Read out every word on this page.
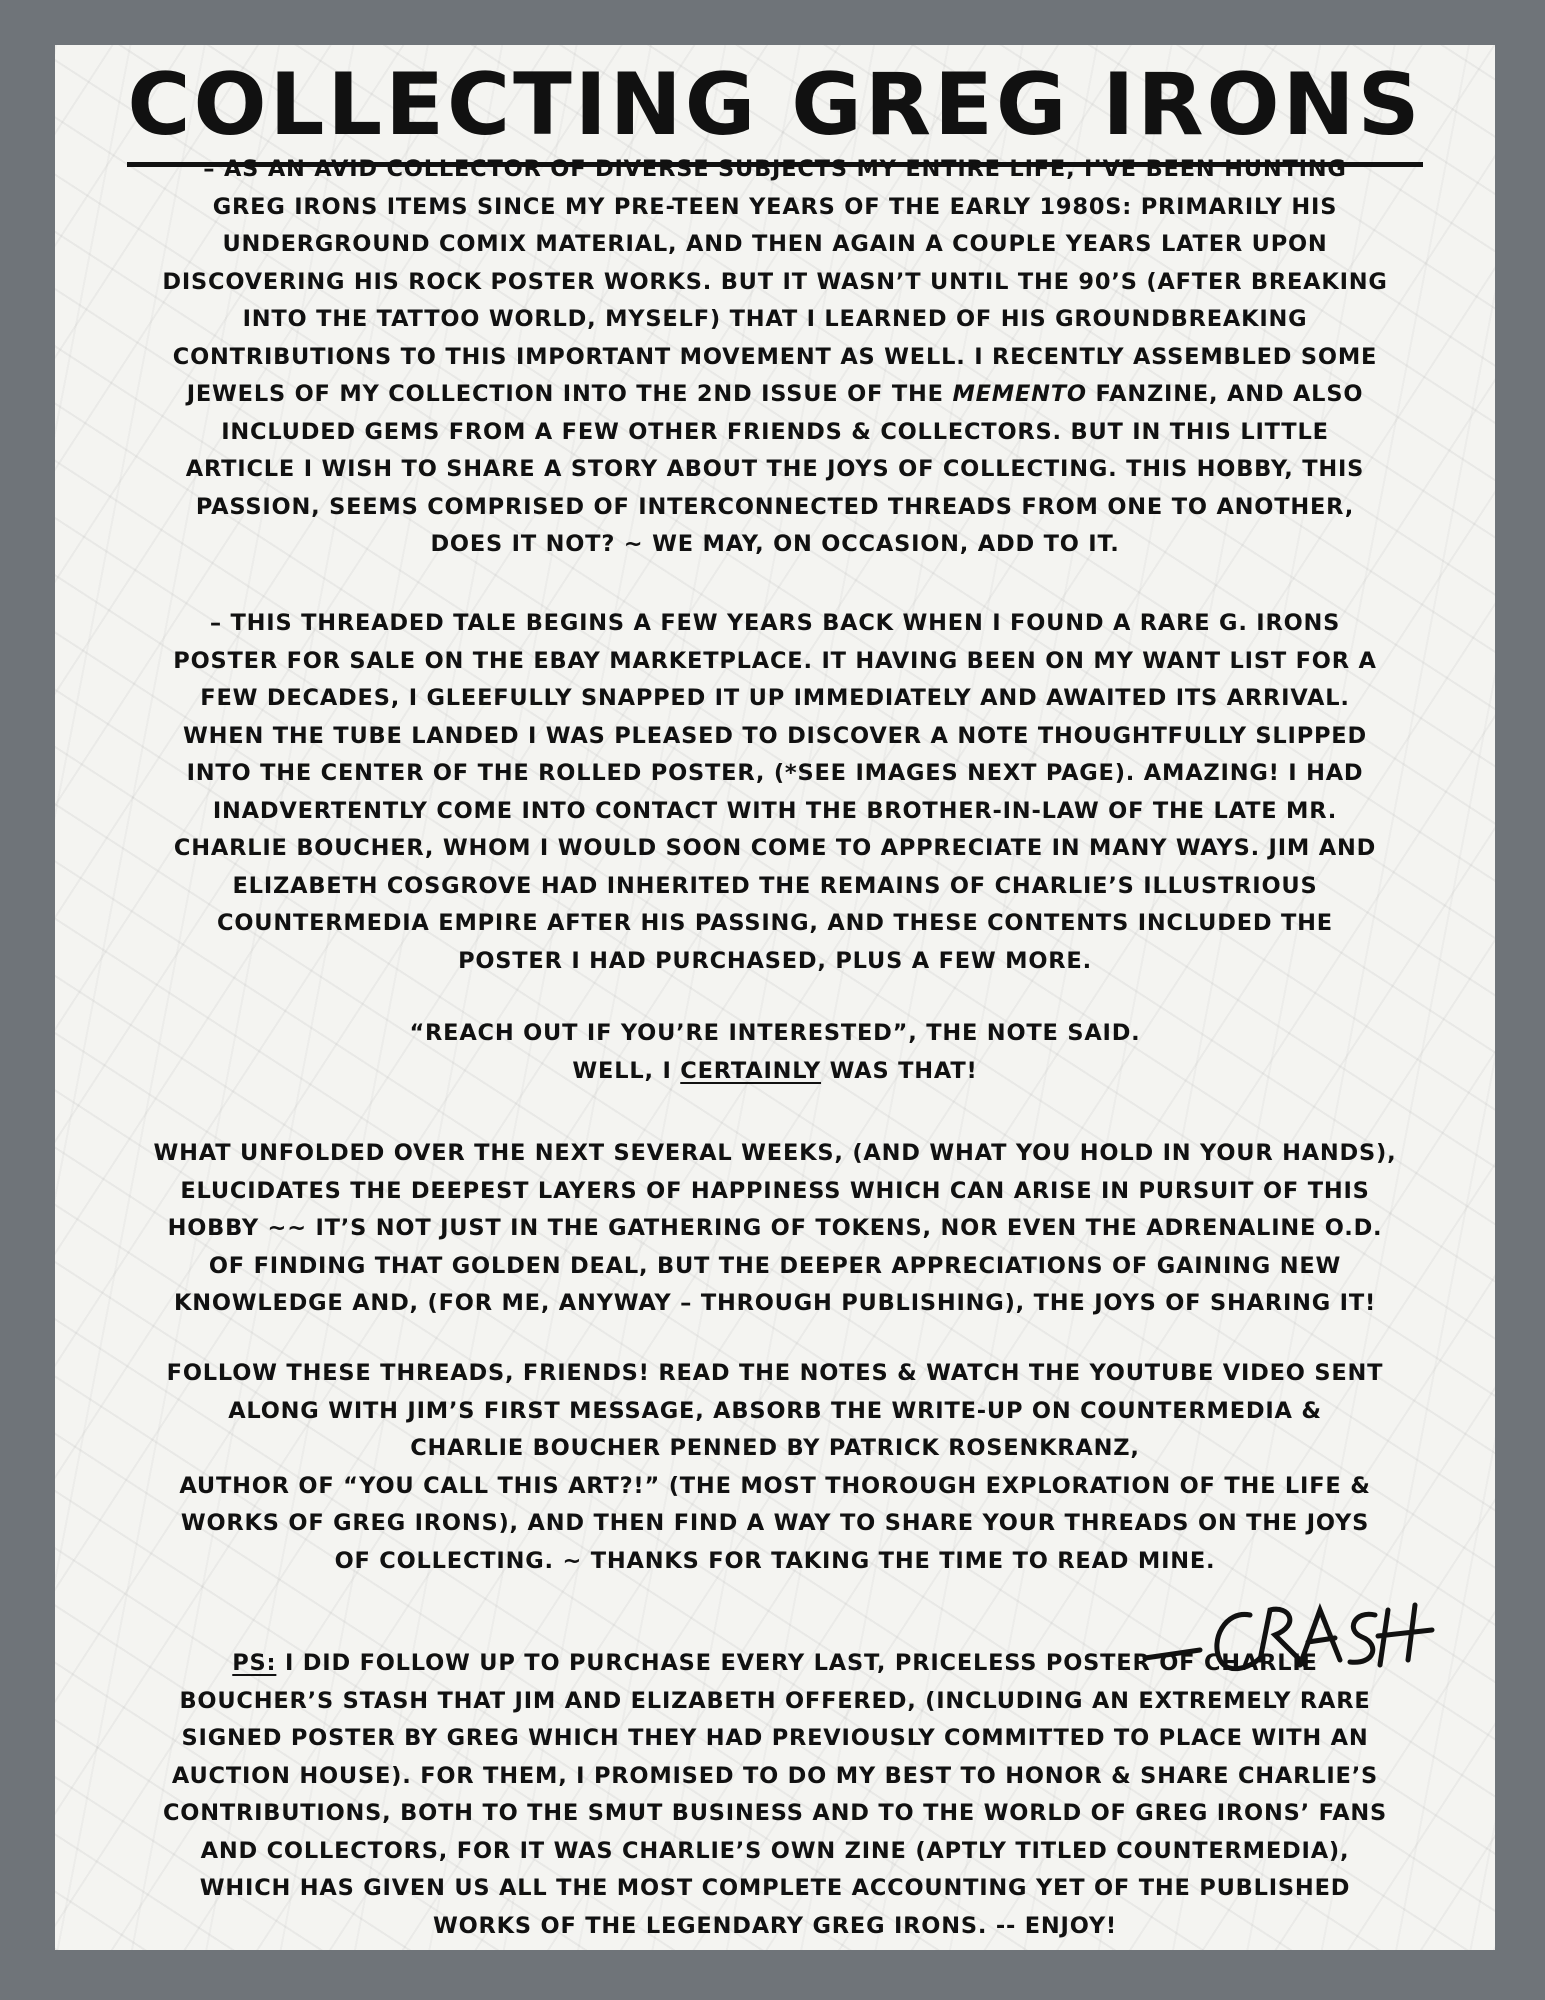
COLLECTING GREG IRONS
– AS AN AVID COLLECTOR OF DIVERSE SUBJECTS MY ENTIRE LIFE, I’VE BEEN HUNTING
GREG IRONS ITEMS SINCE MY PRE-TEEN YEARS OF THE EARLY 1980S: PRIMARILY HIS
UNDERGROUND COMIX MATERIAL, AND THEN AGAIN A COUPLE YEARS LATER UPON
DISCOVERING HIS ROCK POSTER WORKS. BUT IT WASN’T UNTIL THE 90’S (AFTER BREAKING
INTO THE TATTOO WORLD, MYSELF) THAT I LEARNED OF HIS GROUNDBREAKING
CONTRIBUTIONS TO THIS IMPORTANT MOVEMENT AS WELL. I RECENTLY ASSEMBLED SOME
JEWELS OF MY COLLECTION INTO THE 2ND ISSUE OF THE MEMENTO FANZINE, AND ALSO
INCLUDED GEMS FROM A FEW OTHER FRIENDS & COLLECTORS. BUT IN THIS LITTLE
ARTICLE I WISH TO SHARE A STORY ABOUT THE JOYS OF COLLECTING. THIS HOBBY, THIS
PASSION, SEEMS COMPRISED OF INTERCONNECTED THREADS FROM ONE TO ANOTHER,
DOES IT NOT? ~ WE MAY, ON OCCASION, ADD TO IT.
– THIS THREADED TALE BEGINS A FEW YEARS BACK WHEN I FOUND A RARE G. IRONS
POSTER FOR SALE ON THE EBAY MARKETPLACE. IT HAVING BEEN ON MY WANT LIST FOR A
FEW DECADES, I GLEEFULLY SNAPPED IT UP IMMEDIATELY AND AWAITED ITS ARRIVAL.
WHEN THE TUBE LANDED I WAS PLEASED TO DISCOVER A NOTE THOUGHTFULLY SLIPPED
INTO THE CENTER OF THE ROLLED POSTER, (*SEE IMAGES NEXT PAGE). AMAZING! I HAD
INADVERTENTLY COME INTO CONTACT WITH THE BROTHER-IN-LAW OF THE LATE MR.
CHARLIE BOUCHER, WHOM I WOULD SOON COME TO APPRECIATE IN MANY WAYS. JIM AND
ELIZABETH COSGROVE HAD INHERITED THE REMAINS OF CHARLIE’S ILLUSTRIOUS
COUNTERMEDIA EMPIRE AFTER HIS PASSING, AND THESE CONTENTS INCLUDED THE
POSTER I HAD PURCHASED, PLUS A FEW MORE.
“REACH OUT IF YOU’RE INTERESTED”, THE NOTE SAID.
WELL, I CERTAINLY WAS THAT!
WHAT UNFOLDED OVER THE NEXT SEVERAL WEEKS, (AND WHAT YOU HOLD IN YOUR HANDS),
ELUCIDATES THE DEEPEST LAYERS OF HAPPINESS WHICH CAN ARISE IN PURSUIT OF THIS
HOBBY ~~ IT’S NOT JUST IN THE GATHERING OF TOKENS, NOR EVEN THE ADRENALINE O.D.
OF FINDING THAT GOLDEN DEAL, BUT THE DEEPER APPRECIATIONS OF GAINING NEW
KNOWLEDGE AND, (FOR ME, ANYWAY – THROUGH PUBLISHING), THE JOYS OF SHARING IT!
FOLLOW THESE THREADS, FRIENDS! READ THE NOTES & WATCH THE YOUTUBE VIDEO SENT
ALONG WITH JIM’S FIRST MESSAGE, ABSORB THE WRITE-UP ON COUNTERMEDIA &
CHARLIE BOUCHER PENNED BY PATRICK ROSENKRANZ,
AUTHOR OF “YOU CALL THIS ART?!” (THE MOST THOROUGH EXPLORATION OF THE LIFE &
WORKS OF GREG IRONS), AND THEN FIND A WAY TO SHARE YOUR THREADS ON THE JOYS
OF COLLECTING. ~ THANKS FOR TAKING THE TIME TO READ MINE.
PS: I DID FOLLOW UP TO PURCHASE EVERY LAST, PRICELESS POSTER OF CHARLIE
BOUCHER’S STASH THAT JIM AND ELIZABETH OFFERED, (INCLUDING AN EXTREMELY RARE
SIGNED POSTER BY GREG WHICH THEY HAD PREVIOUSLY COMMITTED TO PLACE WITH AN
AUCTION HOUSE). FOR THEM, I PROMISED TO DO MY BEST TO HONOR & SHARE CHARLIE’S
CONTRIBUTIONS, BOTH TO THE SMUT BUSINESS AND TO THE WORLD OF GREG IRONS’ FANS
AND COLLECTORS, FOR IT WAS CHARLIE’S OWN ZINE (APTLY TITLED COUNTERMEDIA),
WHICH HAS GIVEN US ALL THE MOST COMPLETE ACCOUNTING YET OF THE PUBLISHED
WORKS OF THE LEGENDARY GREG IRONS. -- ENJOY!
